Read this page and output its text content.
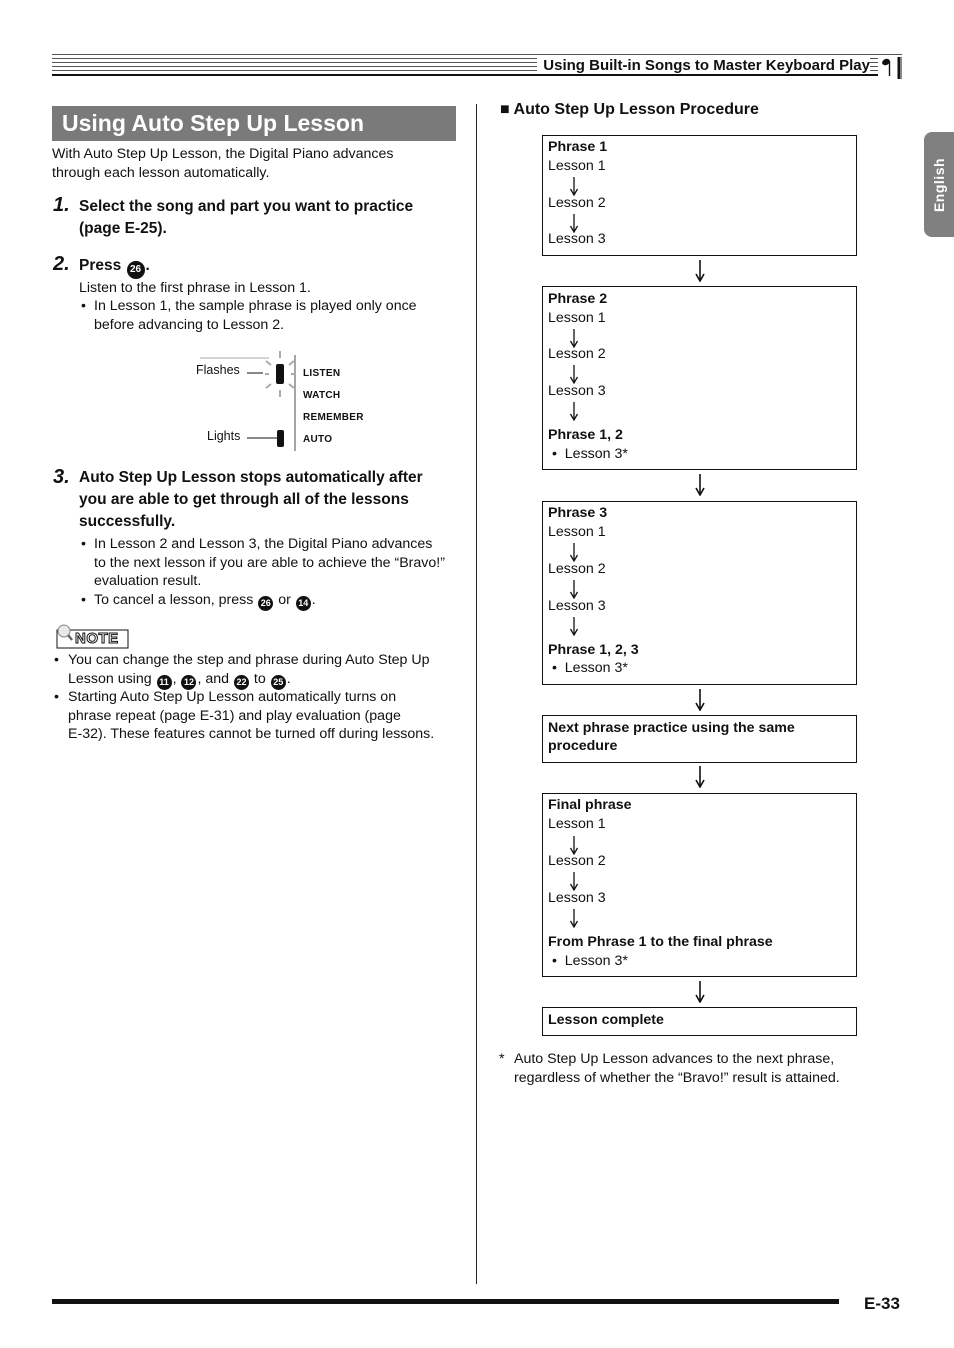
Using Built-in Songs to Master Keyboard Play
English
Using Auto Step Up Lesson
With Auto Step Up Lesson, the Digital Piano advances
through each lesson automatically.
1. Select the song and part you want to practice
(page E-25).
2. Press 26 .
Listen to the first phrase in Lesson 1.
• In Lesson 1, the sample phrase is played only once
before advancing to Lesson 2.
Flashes
Lights
LISTEN
WATCH
REMEMBER
AUTO
3. Auto Step Up Lesson stops automatically after
you are able to get through all of the lessons
successfully.
• In Lesson 2 and Lesson 3, the Digital Piano advances
to the next lesson if you are able to achieve the “Bravo!”
evaluation result.
• To cancel a lesson, press 26 or 14 .
NOTE
• You can change the step and phrase during Auto Step Up
Lesson using 11 , 12 , and 22 to 25 .
• Starting Auto Step Up Lesson automatically turns on
phrase repeat (page E-31) and play evaluation (page
E-32). These features cannot be turned off during lessons.
■ Auto Step Up Lesson Procedure
Phrase 1
Lesson 1
Lesson 2
Lesson 3
Phrase 2
Lesson 1
Lesson 2
Lesson 3
Phrase 1, 2
•  Lesson 3*
Phrase 3
Lesson 1
Lesson 2
Lesson 3
Phrase 1, 2, 3
•  Lesson 3*
Next phrase practice using the same
procedure
Final phrase
Lesson 1
Lesson 2
Lesson 3
From Phrase 1 to the final phrase
•  Lesson 3*
Lesson complete
* Auto Step Up Lesson advances to the next phrase,
regardless of whether the “Bravo!” result is attained.
E-33
